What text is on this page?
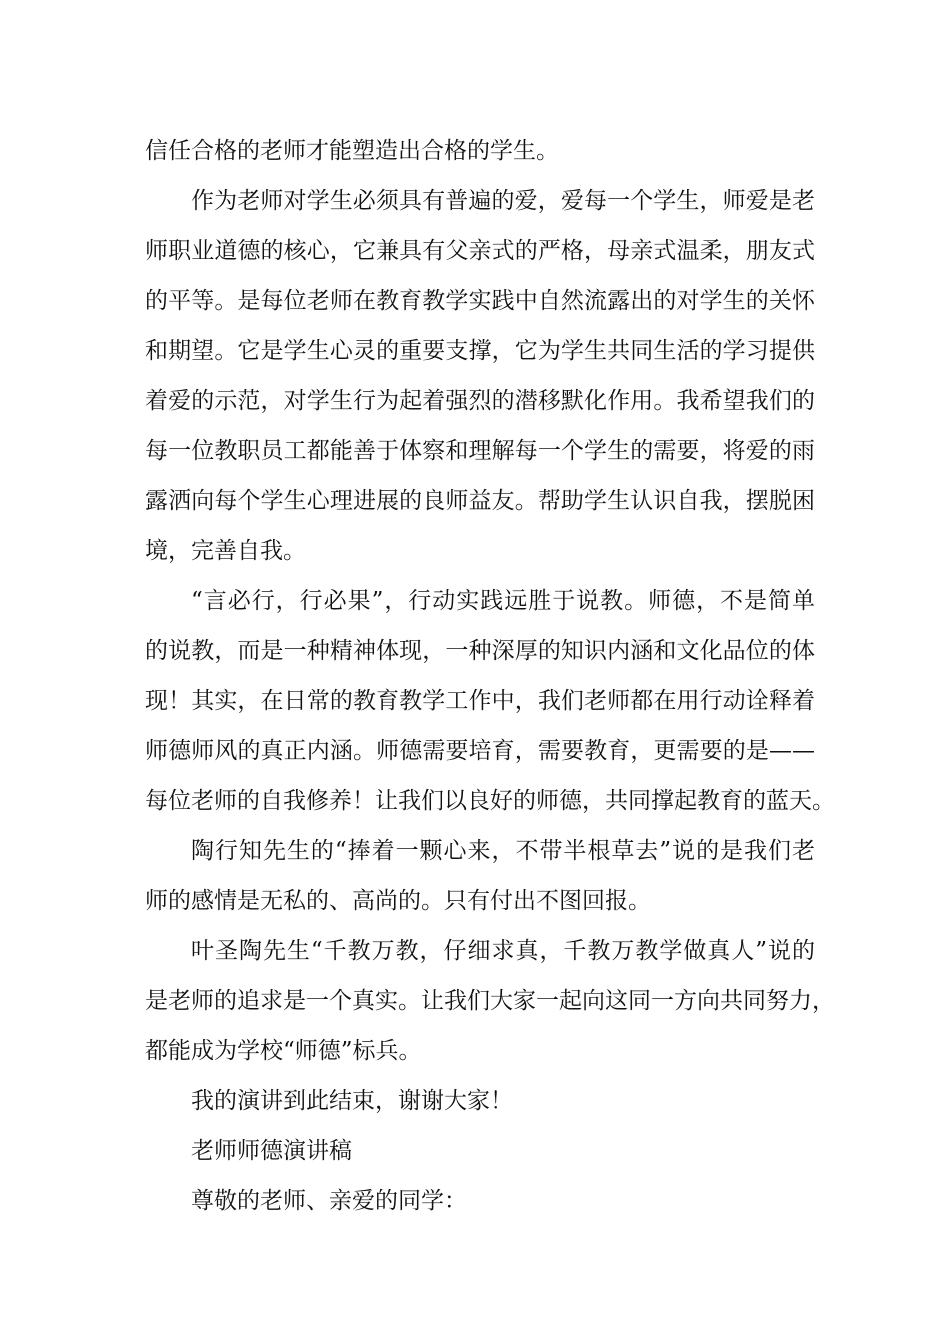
信任合格的老师才能塑造出合格的学生。
作为老师对学生必须具有普遍的爱，爱每一个学生，师爱是老
师职业道德的核心，它兼具有父亲式的严格，母亲式温柔，朋友式
的平等。是每位老师在教育教学实践中自然流露出的对学生的关怀
和期望。它是学生心灵的重要支撑，它为学生共同生活的学习提供
着爱的示范，对学生行为起着强烈的潜移默化作用。我希望我们的
每一位教职员工都能善于体察和理解每一个学生的需要，将爱的雨
露洒向每个学生心理进展的良师益友。帮助学生认识自我，摆脱困
境，完善自我。
“言必行，行必果”，行动实践远胜于说教。师德，不是简单
的说教，而是一种精神体现，一种深厚的知识内涵和文化品位的体
现！其实，在日常的教育教学工作中，我们老师都在用行动诠释着
师德师风的真正内涵。师德需要培育，需要教育，更需要的是——
每位老师的自我修养！让我们以良好的师德，共同撑起教育的蓝天。
陶行知先生的“捧着一颗心来，不带半根草去”说的是我们老
师的感情是无私的、高尚的。只有付出不图回报。
叶圣陶先生“千教万教，仔细求真，千教万教学做真人”说的
是老师的追求是一个真实。让我们大家一起向这同一方向共同努力，
都能成为学校“师德”标兵。
我的演讲到此结束，谢谢大家！
老师师德演讲稿
尊敬的老师、亲爱的同学：
